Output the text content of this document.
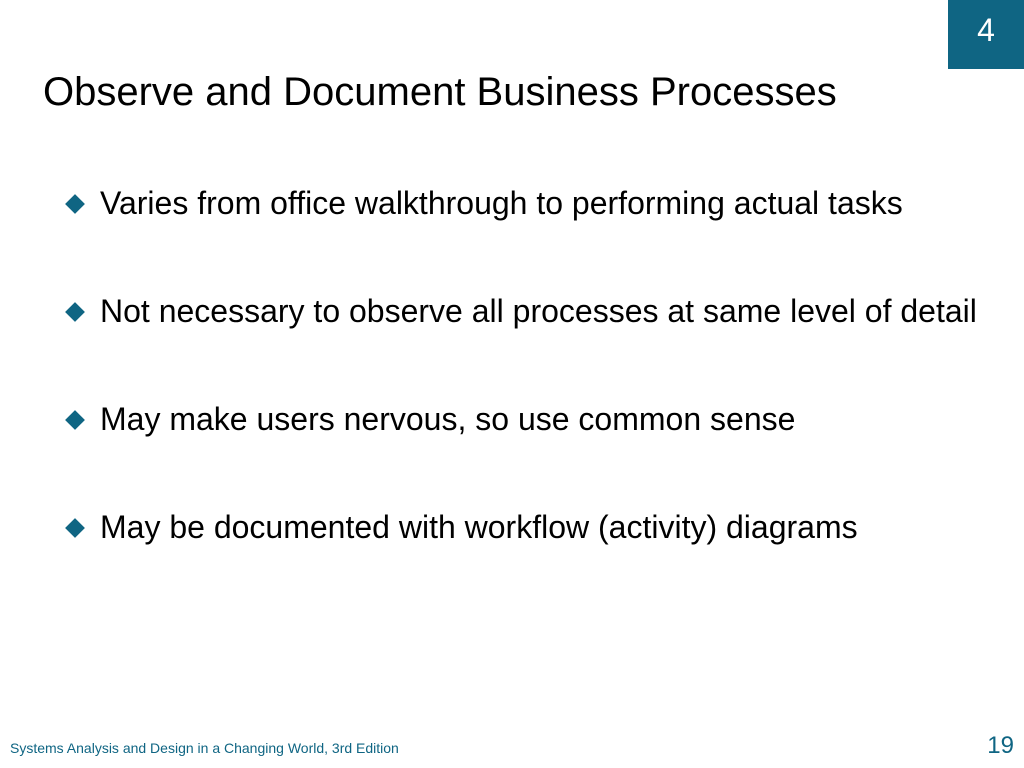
4
Observe and Document Business Processes
Varies from office walkthrough to performing actual tasks
Not necessary to observe all processes at same level of detail
May make users nervous, so use common sense
May be documented with workflow (activity) diagrams
Systems Analysis and Design in a Changing World, 3rd Edition	19
